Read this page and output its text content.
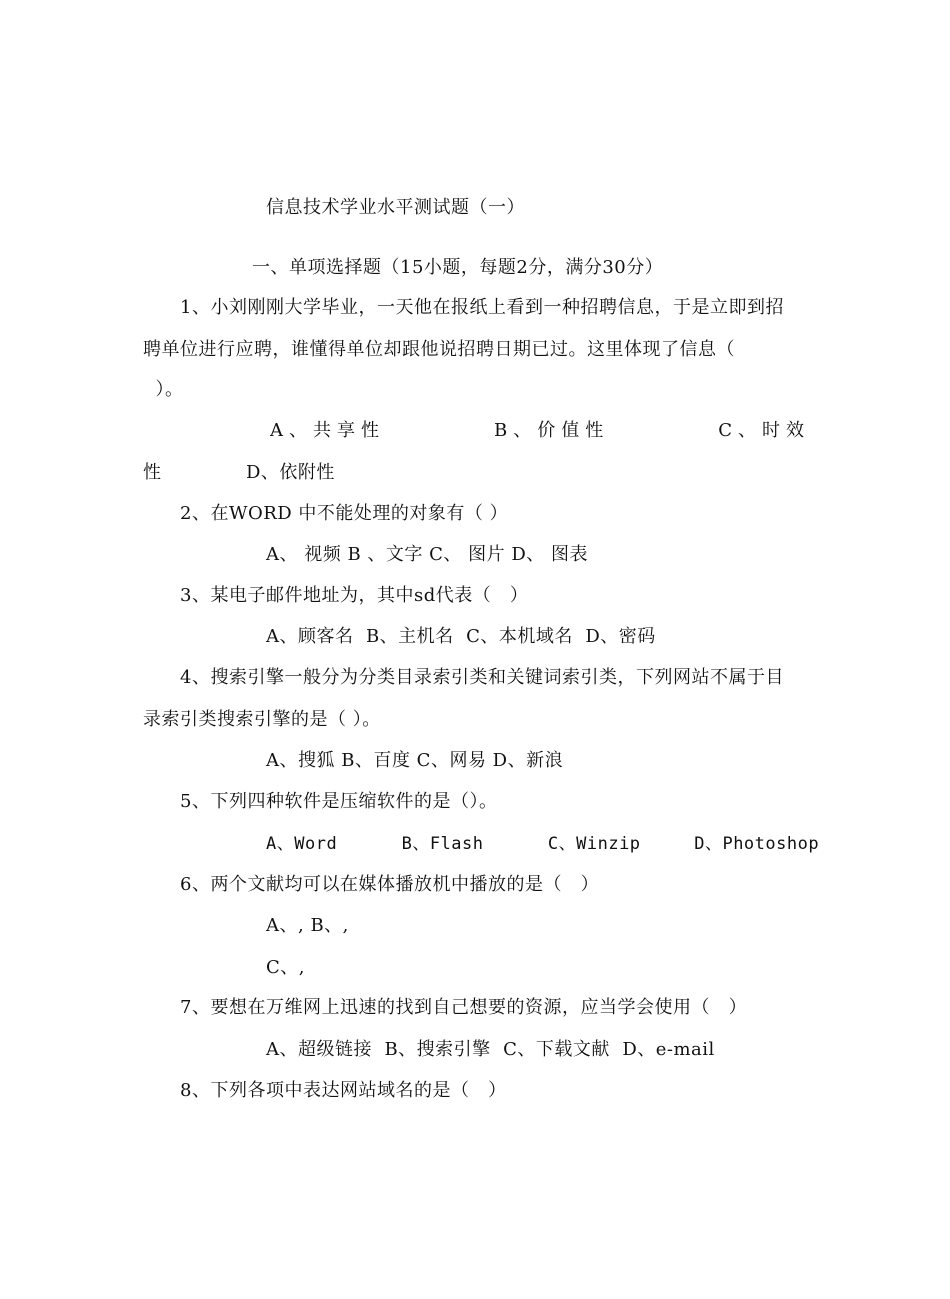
信息技术学业水平测试题（一）
一、单项选择题（15小题，每题2分，满分30分）
1、小刘刚刚大学毕业，一天他在报纸上看到一种招聘信息，于是立即到招
聘单位进行应聘，谁懂得单位却跟他说招聘日期已过。这里体现了信息（
）。
A、共享性	B、价值性	C、时效
性	D、依附性
2、在WORD 中不能处理的对象有（ ）
A、 视频 B 、文字 C、 图片 D、 图表
3、某电子邮件地址为，其中sd代表（   ）
A、顾客名  B、主机名  C、本机域名  D、密码
4、搜索引擎一般分为分类目录索引类和关键词索引类，下列网站不属于目
录索引类搜索引擎的是（ ）。
A、搜狐 B、百度 C、网易 D、新浪
5、下列四种软件是压缩软件的是（）。
A、Word      B、Flash      C、Winzip     D、Photoshop
6、两个文献均可以在媒体播放机中播放的是（   ）
A、, B、,
C、,
7、要想在万维网上迅速的找到自己想要的资源，应当学会使用（   ）
A、超级链接  B、搜索引擎  C、下载文献  D、e-mail
8、下列各项中表达网站域名的是（   ）
